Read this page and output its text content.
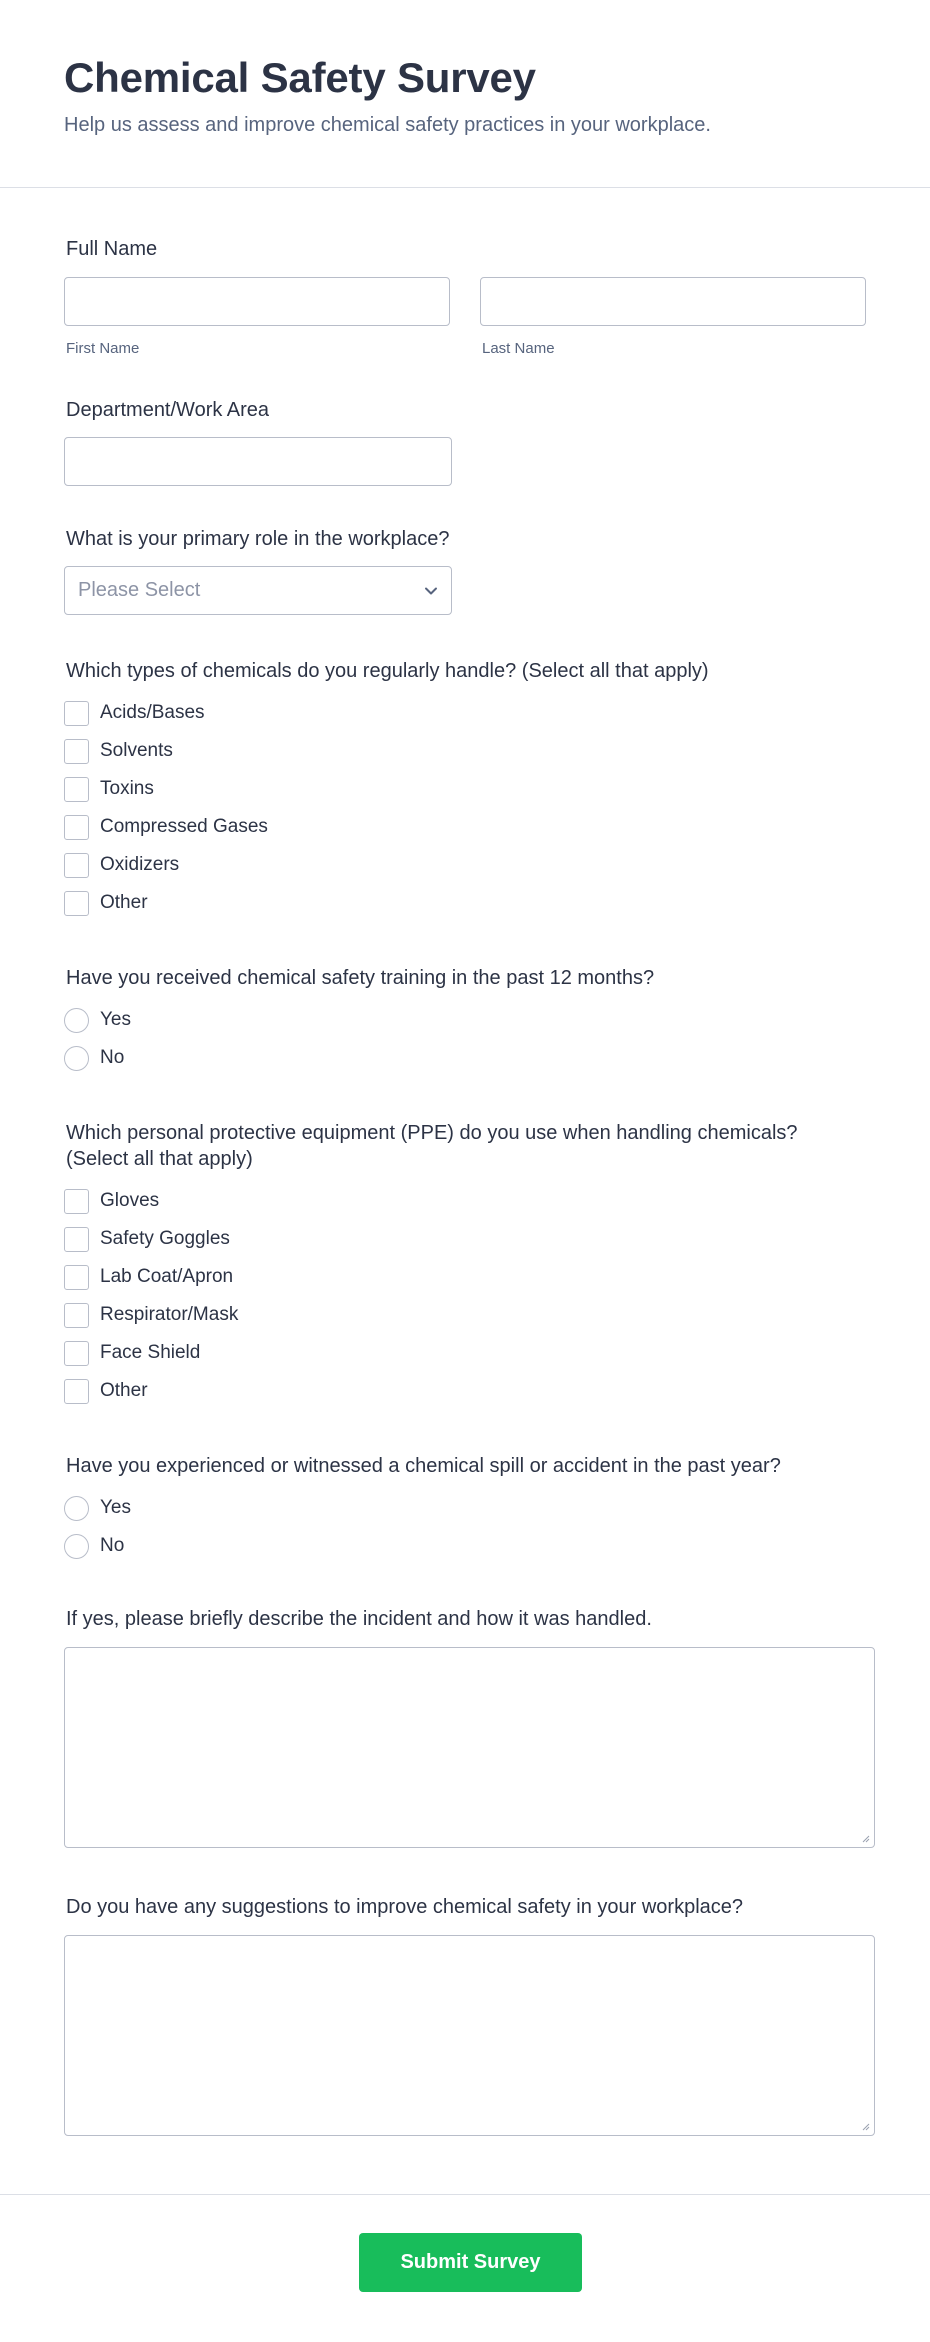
Chemical Safety Survey

Help us assess and improve chemical safety practices in your workplace.

Full Name
First Name	Last Name
Department/Work Area
What is your primary role in the workplace?
Please Select
Which types of chemicals do you regularly handle? (Select all that apply)
Acids/Bases
Solvents
Toxins
Compressed Gases
Oxidizers
Other
Have you received chemical safety training in the past 12 months?
Yes
No
Which personal protective equipment (PPE) do you use when handling chemicals?
(Select all that apply)
Gloves
Safety Goggles
Lab Coat/Apron
Respirator/Mask
Face Shield
Other
Have you experienced or witnessed a chemical spill or accident in the past year?
Yes
No
If yes, please briefly describe the incident and how it was handled.
Do you have any suggestions to improve chemical safety in your workplace?
Submit Survey
